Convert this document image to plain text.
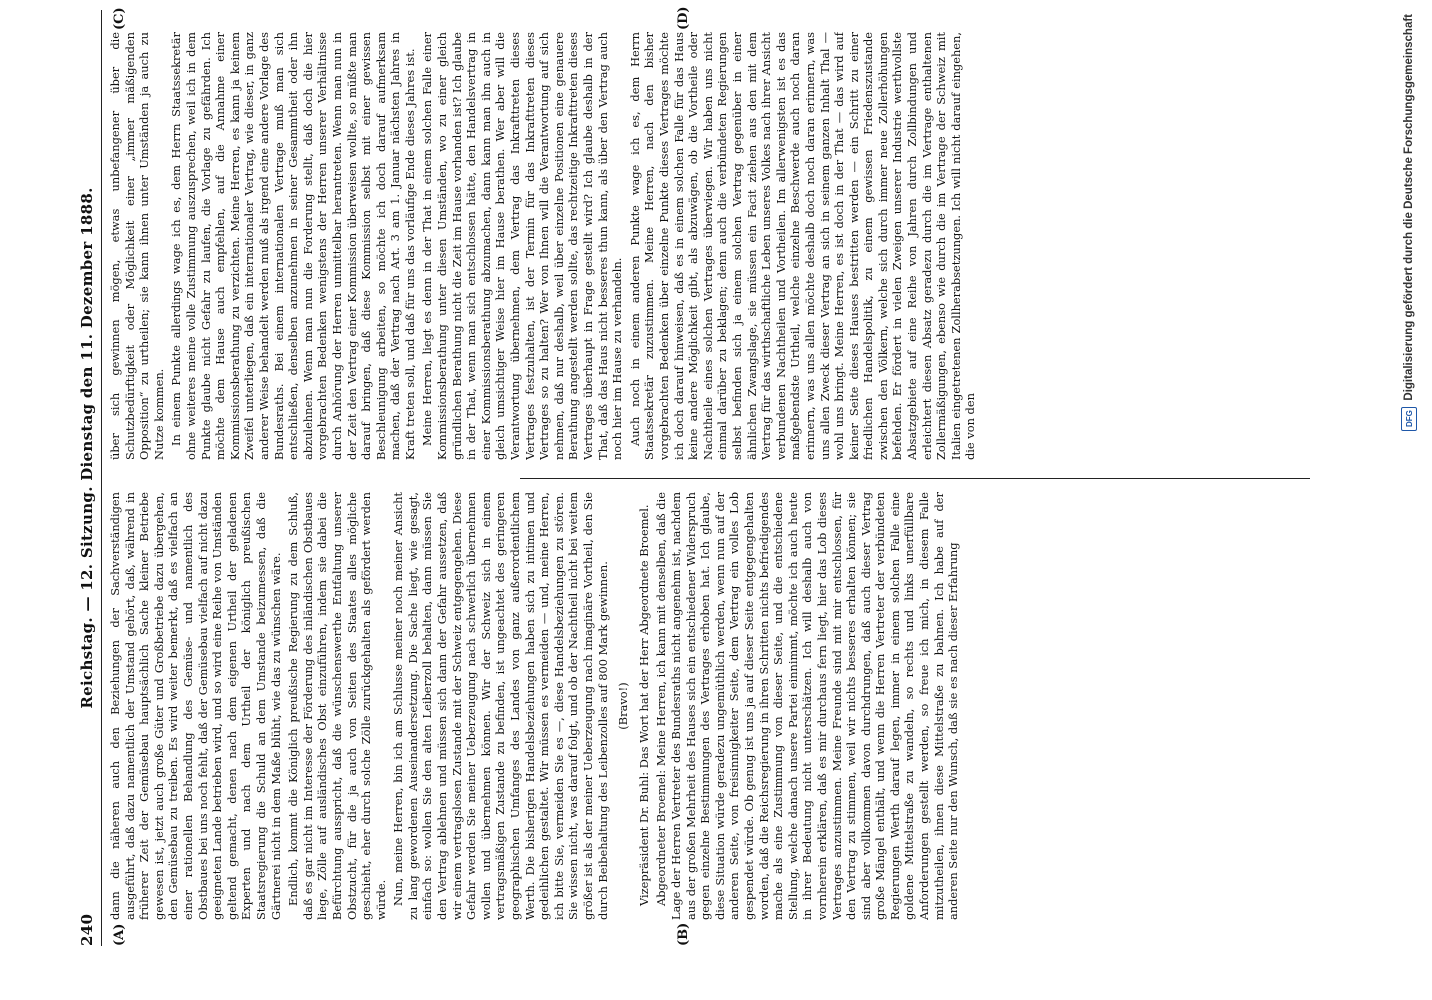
240
Reichstag. — 12. Sitzung. Dienstag den 11. Dezember 1888.
(A)	(B)
(C)	(D)

dann die näheren auch den Beziehungen der Sachverständigen ausgeführt, daß dazu namentlich der Umstand gehört, daß, während in früherer Zeit der Gemüsebau hauptsächlich Sache kleiner Betriebe gewesen ist, jetzt auch große Güter und Großbetriebe dazu übergehen, den Gemüsebau zu treiben. Es wird weiter bemerkt, daß es vielfach an einer rationellen Behandlung des Gemüse- und namentlich des Obstbaues bei uns noch fehlt, daß der Gemüsebau vielfach auf nicht dazu geeigneten Lande betrieben wird, und so wird eine Reihe von Umständen geltend gemacht, denen nach dem eigenen Urtheil der geladenen Experten und nach dem Urtheil der königlich preußischen Staatsregierung die Schuld an dem Umstande beizumessen, daß die Gärtnerei nicht in dem Maße blüht, wie das zu wünschen wäre. Endlich, kommt die Königlich preußische Regierung zu dem Schluß, daß es gar nicht im Interesse der Förderung des inländischen Obstbaues liege, Zölle auf ausländisches Obst einzuführen, indem sie dabei die Befürchtung ausspricht, daß die wünschenswerthe Entfaltung unserer Obstzucht, für die ja auch von Seiten des Staates alles mögliche geschieht, eher durch solche Zölle zurückgehalten als gefördert werden würde. Nun, meine Herren, bin ich am Schlusse meiner noch meiner Ansicht zu lang gewordenen Auseinandersetzung. Die Sache liegt, wie gesagt, einfach so: wollen Sie den alten Leiberzoll behalten, dann müssen Sie den Vertrag ablehnen und müssen sich dann der Gefahr aussetzen, daß wir einem vertragslosen Zustande mit der Schweiz entgegengehen. Diese Gefahr werden Sie meiner Ueberzeugung nach schwerlich übernehmen wollen und übernehmen können. Wir der Schweiz sich in einem vertragsmäßigen Zustande zu befinden, ist ungeachtet des geringeren geographischen Umfanges des Landes von ganz außerordentlichem Werth. Die bisherigen Handelsbeziehungen haben sich zu intimen und gedeihlichen gestaltet. Wir müssen es vermeiden — und, meine Herren, ich bitte Sie, vermeiden Sie es —, diese Handelsbeziehungen zu stören. Sie wissen nicht, was darauf folgt, und ob der Nachtheil nicht bei weitem größer ist als der meiner Ueberzeugung nach imaginäre Vortheil, den Sie durch Beibehaltung des Leibenzolles auf 800 Mark gewinnen. (Bravo!) Vizepräsident Dr. Buhl: Das Wort hat der Herr Abgeordnete Broemel. Abgeordneter Broemel: Meine Herren, ich kann mit denselben, daß die Lage der Herren Vertreter des Bundesraths nicht angenehm ist, nachdem aus der großen Mehrheit des Hauses sich ein entschiedener Widerspruch gegen einzelne Bestimmungen des Vertrages erhoben hat. Ich glaube, diese Situation würde geradezu ungemüthlich werden, wenn nun auf der anderen Seite, von freisinnigkeiter Seite, dem Vertrag ein volles Lob gespendet würde. Ob genug ist uns ja auf dieser Seite entgegengehalten worden, daß die Reichsregierung in ihren Schritten nichts befriedigendes mache als eine Zustimmung von dieser Seite, und die entschiedene Stellung, welche danach unsere Partei einnimmt, möchte ich auch heute in ihrer Bedeutung nicht unterschätzen. Ich will deshalb auch von vornherein erklären, daß es mir durchaus fern liegt, hier das Lob dieses Vertrages anzustimmen. Meine Freunde sind mit mir entschlossen, für den Vertrag zu stimmen, weil wir nichts besseres erhalten können; sie sind aber vollkommen davon durchdrungen, daß auch dieser Vertrag große Mängel enthält, und wenn die Herren Vertreter der verbündeten Regierungen Werth darauf legen, immer in einem solchen Falle eine goldene Mittelstraße zu wandeln, so rechts und links unerfüllbare Anforderungen gestellt werden, so freue ich mich, in diesem Falle mitzutheilen, ihnen diese Mittelstraße zu bahnen. Ich habe auf der anderen Seite nur den Wunsch, daß sie es nach dieser Erfahrung

über sich gewinnen mögen, etwas unbefangener über die Schutzbedürftigkeit oder Möglichkeit einer „immer mäßigenden Opposition“ zu urtheilen; sie kann ihnen unter Umständen ja auch zu Nutze kommen. In einem Punkte allerdings wage ich es, dem Herrn Staatssekretär ohne weiteres meine volle Zustimmung auszusprechen, weil ich in dem Punkte glaube nicht Gefahr zu laufen, die Vorlage zu gefährden. Ich möchte dem Hause auch empfehlen, auf die Annahme einer Kommissionsberathung zu verzichten. Meine Herren, es kann ja keinem Zweifel unterliegen, daß ein internationaler Vertrag, wie dieser, in ganz anderer Weise behandelt werden muß als irgend eine andere Vorlage des Bundesraths. Bei einem internationalen Vertrage muß man sich entschließen, denselben anzunehmen in seiner Gesammtheit oder ihn abzulehnen. Wenn man nun die Forderung stellt, daß doch die hier vorgebrachten Bedenken wenigstens der Herren unserer Verhältnisse durch Anhörung der Herren unmittelbar herantreten. Wenn man nun in der Zeit den Vertrag einer Kommission überweisen wollte, so müßte man darauf bringen, daß diese Kommission selbst mit einer gewissen Beschleunigung arbeiten, so möchte ich doch darauf aufmerksam machen, daß der Vertrag nach Art. 3 am 1. Januar nächsten Jahres in Kraft treten soll, und daß für uns das vorläufige Ende dieses Jahres ist. Meine Herren, liegt es denn in der That in einem solchen Falle einer Kommissionsberathung unter diesen Umständen, wo zu einer gleich gründlichen Berathung nicht die Zeit im Hause vorhanden ist? Ich glaube in der That, wenn man sich entschlossen hätte, den Handelsvertrag in einer Kommissionsberathung abzumachen, dann kann man ihn auch in gleich umsichtiger Weise hier im Hause berathen. Wer aber will die Verantwortung übernehmen, dem Vertrag das Inkrafttreten dieses Vertrages festzuhalten, ist der Termin für das Inkrafttreten dieses Vertrages so zu halten? Wer von Ihnen will die Verantwortung auf sich nehmen, daß nur deshalb, weil über einzelne Positionen eine genauere Berathung angestellt werden sollte, das rechtzeitige Inkrafttreten dieses Vertrages überhaupt in Frage gestellt wird? Ich glaube deshalb in der That, daß das Haus nicht besseres thun kann, als über den Vertrag auch noch hier im Hause zu verhandeln. Auch noch in einem anderen Punkte wage ich es, dem Herrn Staatssekretär zuzustimmen. Meine Herren, nach den bisher vorgebrachten Bedenken über einzelne Punkte dieses Vertrages möchte ich doch darauf hinweisen, daß es in einem solchen Falle für das Haus keine andere Möglichkeit gibt, als abzuwägen, ob die Vortheile oder Nachtheile eines solchen Vertrages überwiegen. Wir haben uns nicht einmal darüber zu beklagen; denn auch die verbündeten Regierungen selbst befinden sich ja einem solchen Vertrag gegenüber in einer ähnlichen Zwangslage, sie müssen ein Facit ziehen aus den mit dem Vertrag für das wirthschaftliche Leben unseres Volkes nach ihrer Ansicht verbundenen Nachtheilen und Vortheilen. Im allerwenigsten ist es das maßgebendste Urtheil, welche einzelne Beschwerde auch noch daran erinnern, was uns allen möchte deshalb doch noch daran erinnern, was uns allen Zweck dieser Vertrag an sich in seinem ganzen Inhalt Thal — wohl uns bringt. Meine Herren, es ist doch in der That — das wird auf keiner Seite dieses Hauses bestritten werden — ein Schritt zu einer friedlichen Handelspolitik, zu einem gewissen Friedenszustande zwischen den Völkern, welche sich durch immer neue Zollerhöhungen befehden. Er fördert in vielen Zweigen unserer Industrie werthvollste Absatzgebiete auf eine Reihe von Jahren durch Zollbindungen und erleichtert diesen Absatz geradezu durch die im Vertrage enthaltenen Zollermäßigungen, ebenso wie durch die im Vertrage der Schweiz mit Italien eingetretenen Zollherabsetzungen. Ich will nicht darauf eingehen, die von den	DFG
Digitalisierung gefördert durch die Deutsche Forschungsgemeinschaft
